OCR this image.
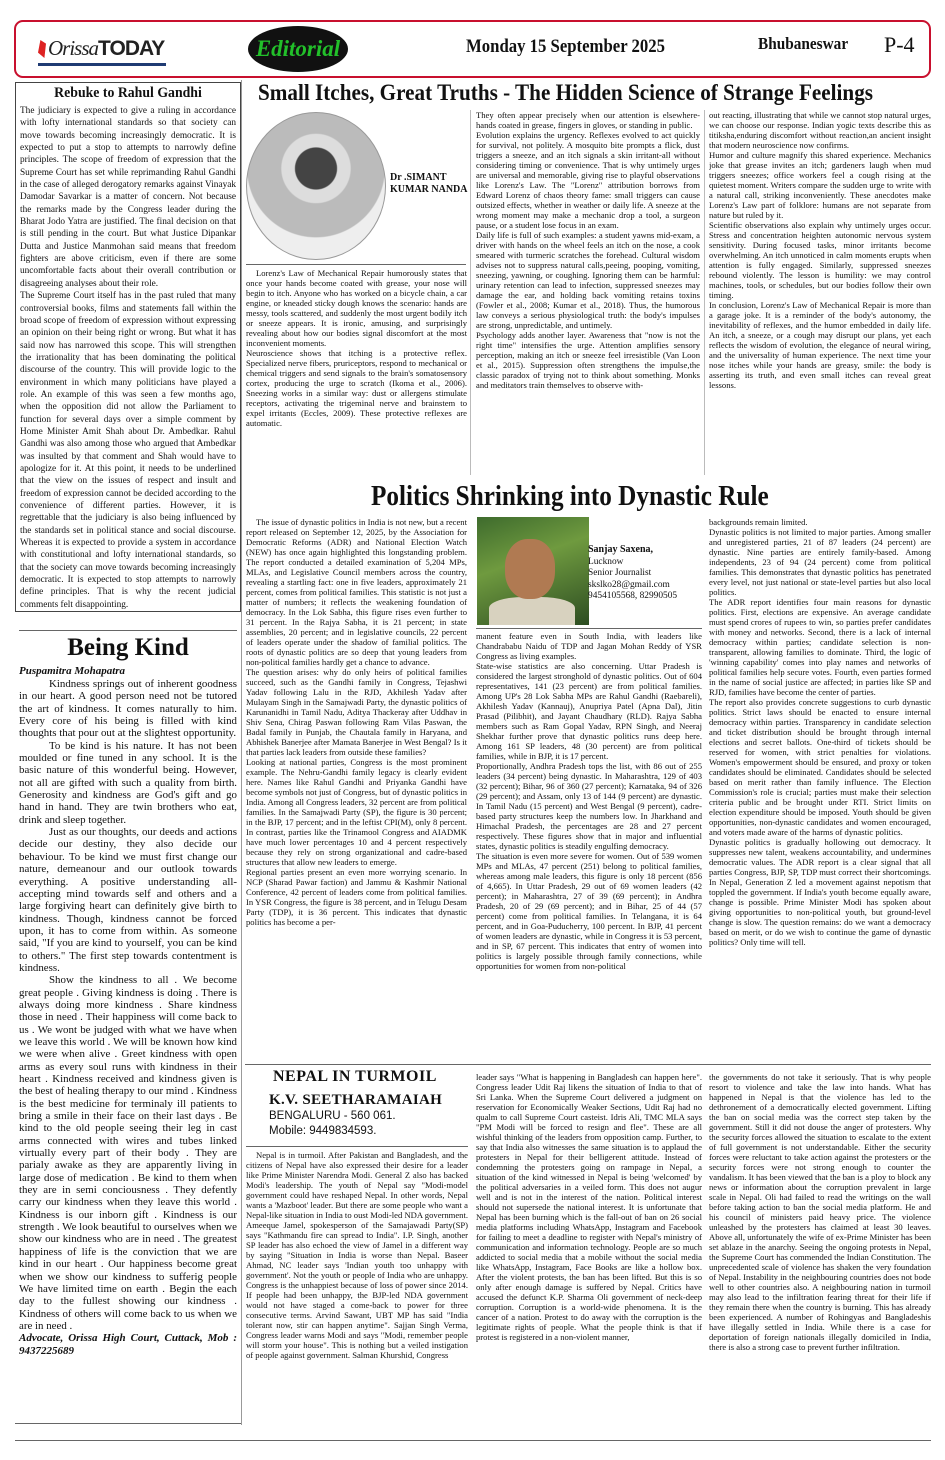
OrissaTODAY	Editorial	Monday 15 September 2025	Bhubaneswar P-4
Rebuke to Rahul Gandhi

The judiciary is expected to give a ruling in accordance with lofty international standards so that society can move towards becoming increasingly democratic. It is expected to put a stop to attempts to narrowly define principles. The scope of freedom of expression that the Supreme Court has set while reprimanding Rahul Gandhi in the case of alleged derogatory remarks against Vinayak Damodar Savarkar is a matter of concern. Not because the remarks made by the Congress leader during the Bharat Jodo Yatra are justified. The final decision on that is still pending in the court. But what Justice Dipankar Dutta and Justice Manmohan said means that freedom fighters are above criticism, even if there are some uncomfortable facts about their overall contribution or disagreeing analyses about their role.

The Supreme Court itself has in the past ruled that many controversial books, films and statements fall within the broad scope of freedom of expression without expressing an opinion on their being right or wrong. But what it has said now has narrowed this scope. This will strengthen the irrationality that has been dominating the political discourse of the country. This will provide logic to the environment in which many politicians have played a role. An example of this was seen a few months ago, when the opposition did not allow the Parliament to function for several days over a simple comment by Home Minister Amit Shah about Dr. Ambedkar. Rahul Gandhi was also among those who argued that Ambedkar was insulted by that comment and Shah would have to apologize for it. At this point, it needs to be underlined that the view on the issues of respect and insult and freedom of expression cannot be decided according to the convenience of different parties. However, it is regrettable that the judiciary is also being influenced by the standards set in political stance and social discourse. Whereas it is expected to provide a system in accordance with constitutional and lofty international standards, so that the society can move towards becoming increasingly democratic. It is expected to stop attempts to narrowly define principles. That is why the recent judicial comments felt disappointing.

Being Kind
Puspamitra Mohapatra

Kindness springs out of inherent goodness in our heart. A good person need not be tutored the art of kindness. It comes naturally to him. Every core of his being is filled with kind thoughts that pour out at the slightest opportunity.

To be kind is his nature. It has not been moulded or fine tuned in any school. It is the basic nature of this wonderful being. However, not all are gifted with such a quality from birth. Generosity and kindness are God's gift and go hand in hand. They are twin brothers who eat, drink and sleep together.

Just as our thoughts, our deeds and actions decide our destiny, they also decide our behaviour. To be kind we must first change our nature, demeanour and our outlook towards everything. A positive understanding all-accepting mind towards self and others and a large forgiving heart can definitely give birth to kindness. Though, kindness cannot be forced upon, it has to come from within. As someone said, "If you are kind to yourself, you can be kind to others." The first step towards contentment is kindness.

Show the kindness to all . We become great people . Giving kindness is doing . There is always doing more kindness . Share kindness those in need . Their happiness will come back to us . We wont be judged with what we have when we leave this world . We will be known how kind we were when alive . Greet kindness with open arms as every soul runs with kindness in their heart . Kindness received and kindness given is the best of healing therapy to our mind . Kindness is the best medicine for terminaly ill patients to bring a smile in their face on their last days . Be kind to the old people seeing their leg in cast arms connected with wires and tubes linked virtually every part of their body . They are parialy awake as they are apparently living in large dose of medication . Be kind to them when they are in semi conciousness . They defently carry our kindness when they leave this world . Kindness is our inborn gift . Kindness is our strength . We look beautiful to ourselves when we show our kindness who are in need . The greatest happiness of life is the conviction that we are kind in our heart . Our happiness become great when we show our kindness to sufferig people We have limited time on earth . Begin the each day to the fullest showing our kindness . Kindness of others will come back to us when we are in need .

Advocate, Orissa High Court, Cuttack, Mob : 9437225689

Small Itches, Great Truths - The Hidden Science of Strange Feelings
Dr .SIMANT
KUMAR NANDA

Lorenz's Law of Mechanical Repair humorously states that once your hands become coated with grease, your nose will begin to itch. Anyone who has worked on a bicycle chain, a car engine, or kneaded sticky dough knows the scenario: hands are messy, tools scattered, and suddenly the most urgent bodily itch or sneeze appears. It is ironic, amusing, and surprisingly revealing about how our bodies signal discomfort at the most inconvenient moments.

Neuroscience shows that itching is a protective reflex. Specialized nerve fibers, pruriceptors, respond to mechanical or chemical triggers and send signals to the brain's somatosensory cortex, producing the urge to scratch (Ikoma et al., 2006). Sneezing works in a similar way: dust or allergens stimulate receptors, activating the trigeminal nerve and brainstem to expel irritants (Eccles, 2009). These protective reflexes are automatic.

They often appear precisely when our attention is elsewhere-hands coated in grease, fingers in gloves, or standing in public.

Evolution explains the urgency. Reflexes evolved to act quickly for survival, not politely. A mosquito bite prompts a flick, dust triggers a sneeze, and an itch signals a skin irritant-all without considering timing or convenience. That is why untimely urges are universal and memorable, giving rise to playful observations like Lorenz's Law. The "Lorenz" attribution borrows from Edward Lorenz of chaos theory fame: small triggers can cause outsized effects, whether in weather or daily life. A sneeze at the wrong moment may make a mechanic drop a tool, a surgeon pause, or a student lose focus in an exam.

Daily life is full of such examples: a student yawns mid-exam, a driver with hands on the wheel feels an itch on the nose, a cook smeared with turmeric scratches the forehead. Cultural wisdom advises not to suppress natural calls,peeing, pooping, vomiting, sneezing, yawning, or coughing. Ignoring them can be harmful: urinary retention can lead to infection, suppressed sneezes may damage the ear, and holding back vomiting retains toxins (Fowler et al., 2008; Kumar et al., 2018). Thus, the humorous law conveys a serious physiological truth: the body's impulses are strong, unpredictable, and untimely.

Psychology adds another layer. Awareness that "now is not the right time" intensifies the urge. Attention amplifies sensory perception, making an itch or sneeze feel irresistible (Van Loon et al., 2015). Suppression often strengthens the impulse,the classic paradox of trying not to think about something. Monks and meditators train themselves to observe with-

out reacting, illustrating that while we cannot stop natural urges, we can choose our response. Indian yogic texts describe this as titiksha,enduring discomfort without reaction,an ancient insight that modern neuroscience now confirms.

Humor and culture magnify this shared experience. Mechanics joke that grease invites an itch; gardeners laugh when mud triggers sneezes; office workers feel a cough rising at the quietest moment. Writers compare the sudden urge to write with a natural call, striking inconveniently. These anecdotes make Lorenz's Law part of folklore: humans are not separate from nature but ruled by it.

Scientific observations also explain why untimely urges occur. Stress and concentration heighten autonomic nervous system sensitivity. During focused tasks, minor irritants become overwhelming. An itch unnoticed in calm moments erupts when attention is fully engaged. Similarly, suppressed sneezes rebound violently. The lesson is humility: we may control machines, tools, or schedules, but our bodies follow their own timing.

In conclusion, Lorenz's Law of Mechanical Repair is more than a garage joke. It is a reminder of the body's autonomy, the inevitability of reflexes, and the humor embedded in daily life. An itch, a sneeze, or a cough may disrupt our plans, yet each reflects the wisdom of evolution, the elegance of neural wiring, and the universality of human experience. The next time your nose itches while your hands are greasy, smile: the body is asserting its truth, and even small itches can reveal great lessons.

Politics Shrinking into Dynastic Rule

The issue of dynastic politics in India is not new, but a recent report released on September 12, 2025, by the Association for Democratic Reforms (ADR) and National Election Watch (NEW) has once again highlighted this longstanding problem. The report conducted a detailed examination of 5,204 MPs, MLAs, and Legislative Council members across the country, revealing a startling fact: one in five leaders, approximately 21 percent, comes from political families. This statistic is not just a matter of numbers; it reflects the weakening foundation of democracy. In the Lok Sabha, this figure rises even further to 31 percent. In the Rajya Sabha, it is 21 percent; in state assemblies, 20 percent; and in legislative councils, 22 percent of leaders operate under the shadow of familial politics. The roots of dynastic politics are so deep that young leaders from non-political families hardly get a chance to advance.

The question arises: why do only heirs of political families succeed, such as the Gandhi family in Congress, Tejashwi Yadav following Lalu in the RJD, Akhilesh Yadav after Mulayam Singh in the Samajwadi Party, the dynastic politics of Karunanidhi in Tamil Nadu, Aditya Thackeray after Uddhav in Shiv Sena, Chirag Paswan following Ram Vilas Paswan, the Badal family in Punjab, the Chautala family in Haryana, and Abhishek Banerjee after Mamata Banerjee in West Bengal? Is it that parties lack leaders from outside these families?

Looking at national parties, Congress is the most prominent example. The Nehru-Gandhi family legacy is clearly evident here. Names like Rahul Gandhi and Priyanka Gandhi have become symbols not just of Congress, but of dynastic politics in India. Among all Congress leaders, 32 percent are from political families. In the Samajwadi Party (SP), the figure is 30 percent; in the BJP, 17 percent; and in the leftist CPI(M), only 8 percent. In contrast, parties like the Trinamool Congress and AIADMK have much lower percentages 10 and 4 percent respectively because they rely on strong organizational and cadre-based structures that allow new leaders to emerge.

Regional parties present an even more worrying scenario. In NCP (Sharad Pawar faction) and Jammu & Kashmir National Conference, 42 percent of leaders come from political families. In YSR Congress, the figure is 38 percent, and in Telugu Desam Party (TDP), it is 36 percent. This indicates that dynastic politics has become a per-

Sanjay Saxena,
Lucknow
Senior Journalist
skslko28@gmail.com
9454105568, 82990505

manent feature even in South India, with leaders like Chandrababu Naidu of TDP and Jagan Mohan Reddy of YSR Congress as living examples.

State-wise statistics are also concerning. Uttar Pradesh is considered the largest stronghold of dynastic politics. Out of 604 representatives, 141 (23 percent) are from political families. Among UP's 28 Lok Sabha MPs are Rahul Gandhi (Raebareli), Akhilesh Yadav (Kannauj), Anupriya Patel (Apna Dal), Jitin Prasad (Pilibhit), and Jayant Chaudhary (RLD). Rajya Sabha members such as Ram Gopal Yadav, RPN Singh, and Neeraj Shekhar further prove that dynastic politics runs deep here. Among 161 SP leaders, 48 (30 percent) are from political families, while in BJP, it is 17 percent.

Proportionally, Andhra Pradesh tops the list, with 86 out of 255 leaders (34 percent) being dynastic. In Maharashtra, 129 of 403 (32 percent); Bihar, 96 of 360 (27 percent); Karnataka, 94 of 326 (29 percent); and Assam, only 13 of 144 (9 percent) are dynastic. In Tamil Nadu (15 percent) and West Bengal (9 percent), cadre-based party structures keep the numbers low. In Jharkhand and Himachal Pradesh, the percentages are 28 and 27 percent respectively. These figures show that in major and influential states, dynastic politics is steadily engulfing democracy.

The situation is even more severe for women. Out of 539 women MPs and MLAs, 47 percent (251) belong to political families, whereas among male leaders, this figure is only 18 percent (856 of 4,665). In Uttar Pradesh, 29 out of 69 women leaders (42 percent); in Maharashtra, 27 of 39 (69 percent); in Andhra Pradesh, 20 of 29 (69 percent); and in Bihar, 25 of 44 (57 percent) come from political families. In Telangana, it is 64 percent, and in Goa-Puducherry, 100 percent. In BJP, 41 percent of women leaders are dynastic, while in Congress it is 53 percent, and in SP, 67 percent. This indicates that entry of women into politics is largely possible through family connections, while opportunities for women from non-political

backgrounds remain limited.

Dynastic politics is not limited to major parties. Among smaller and unregistered parties, 21 of 87 leaders (24 percent) are dynastic. Nine parties are entirely family-based. Among independents, 23 of 94 (24 percent) come from political families. This demonstrates that dynastic politics has penetrated every level, not just national or state-level parties but also local politics.

The ADR report identifies four main reasons for dynastic politics. First, elections are expensive. An average candidate must spend crores of rupees to win, so parties prefer candidates with money and networks. Second, there is a lack of internal democracy within parties; candidate selection is non-transparent, allowing families to dominate. Third, the logic of 'winning capability' comes into play names and networks of political families help secure votes. Fourth, even parties formed in the name of social justice are affected; in parties like SP and RJD, families have become the center of parties.

The report also provides concrete suggestions to curb dynastic politics. Strict laws should be enacted to ensure internal democracy within parties. Transparency in candidate selection and ticket distribution should be brought through internal elections and secret ballots. One-third of tickets should be reserved for women, with strict penalties for violations. Women's empowerment should be ensured, and proxy or token candidates should be eliminated. Candidates should be selected based on merit rather than family influence. The Election Commission's role is crucial; parties must make their selection criteria public and be brought under RTI. Strict limits on election expenditure should be imposed. Youth should be given opportunities, non-dynastic candidates and women encouraged, and voters made aware of the harms of dynastic politics.

Dynastic politics is gradually hollowing out democracy. It suppresses new talent, weakens accountability, and undermines democratic values. The ADR report is a clear signal that all parties Congress, BJP, SP, TDP must correct their shortcomings. In Nepal, Generation Z led a movement against nepotism that toppled the government. If India's youth become equally aware, change is possible. Prime Minister Modi has spoken about giving opportunities to non-political youth, but ground-level change is slow. The question remains: do we want a democracy based on merit, or do we wish to continue the game of dynastic politics? Only time will tell.

NEPAL IN TURMOIL
K.V. SEETHARAMAIAH
BENGALURU - 560 061.
Mobile: 9449834593.

Nepal is in turmoil. After Pakistan and Bangladesh, and the citizens of Nepal have also expressed their desire for a leader like Prime Minister Narendra Modi. General Z also has backed Modi's leadership. The youth of Nepal say "Modi-model government could have reshaped Nepal. In other words, Nepal wants a 'Mazboot' leader. But there are some people who want a Nepal-like situation in India to oust Modi-led NDA government. Ameeque Jamel, spokesperson of the Samajawadi Party(SP) says "Kathmandu fire can spread to India". I.P. Singh, another SP leader has also echoed the view of Jamel in a different way by saying "Situation in India is worse than Nepal. Baseer Ahmad, NC leader says 'Indian youth too unhappy with government'. Not the youth or people of India who are unhappy. Congress is the unhappiest because of loss of power since 2014. If people had been unhappy, the BJP-led NDA government would not have staged a come-back to power for three consecutive terms. Arvind Sawant, UBT MP has said "India tolerant now, stir can happen anytime". Sajjan Singh Verma, Congress leader warns Modi and says "Modi, remember people will storm your house". This is nothing but a veiled instigation of people against government. Salman Khurshid, Congress

leader says "What is happening in Bangladesh can happen here". Congress leader Udit Raj likens the situation of India to that of Sri Lanka. When the Supreme Court delivered a judgment on reservation for Economically Weaker Sections, Udit Raj had no qualm to call Supreme Court casteist. Idris Ali, TMC MLA says "PM Modi will be forced to resign and flee". These are all wishful thinking of the leaders from opposition camp. Further, to say that India also witnesses the same situation is to applaud the protesters in Nepal for their belligerent attitude. Instead of condemning the protesters going on rampage in Nepal, a situation of the kind witnessed in Nepal is being 'welcomed' by the political adversaries in a veiled form. This does not augur well and is not in the interest of the nation. Political interest should not supersede the national interest. It is unfortunate that Nepal has been burning which is the fall-out of ban on 26 social media platforms including WhatsApp, Instagram and Facebook for failing to meet a deadline to register with Nepal's ministry of communication and information technology. People are so much addicted to social media that a mobile without the social media like WhatsApp, Instagram, Face Books are like a hollow box. After the violent protests, the ban has been lifted. But this is so only after enough damage is suffered by Nepal. Critics have accused the defunct K.P. Sharma Oli government of neck-deep corruption. Corruption is a world-wide phenomena. It is the cancer of a nation. Protest to do away with the corruption is the legitimate rights of people. What the people think is that if protest is registered in a non-violent manner,

the governments do not take it seriously. That is why people resort to violence and take the law into hands. What has happened in Nepal is that the violence has led to the dethronement of a democratically elected government. Lifting the ban on social media was the correct step taken by the government. Still it did not douse the anger of protesters. Why the security forces allowed the situation to escalate to the extent of full government is not understandable. Either the security forces were reluctant to take action against the protesters or the security forces were not strong enough to counter the vandalism. It has been viewed that the ban is a ploy to block any news or information about the corruption prevalent in large scale in Nepal. Oli had failed to read the writings on the wall before taking action to ban the social media platform. He and his council of ministers paid heavy price. The violence unleashed by the protesters has claimed at least 30 leaves. Above all, unfortunately the wife of ex-Prime Minister has been set ablaze in the anarchy. Seeing the ongoing protests in Nepal, the Supreme Court has commended the Indian Constitution. The unprecedented scale of violence has shaken the very foundation of Nepal. Instability in the neighbouring countries does not bode well to other countries also. A neighbouring nation in turmoil may also lead to the infiltration fearing threat for their life if they remain there when the country is burning. This has already been experienced. A number of Rohingyas and Bangladeshis have illegally settled in India. While there is a case for deportation of foreign nationals illegally domiciled in India, there is also a strong case to prevent further infiltration.
